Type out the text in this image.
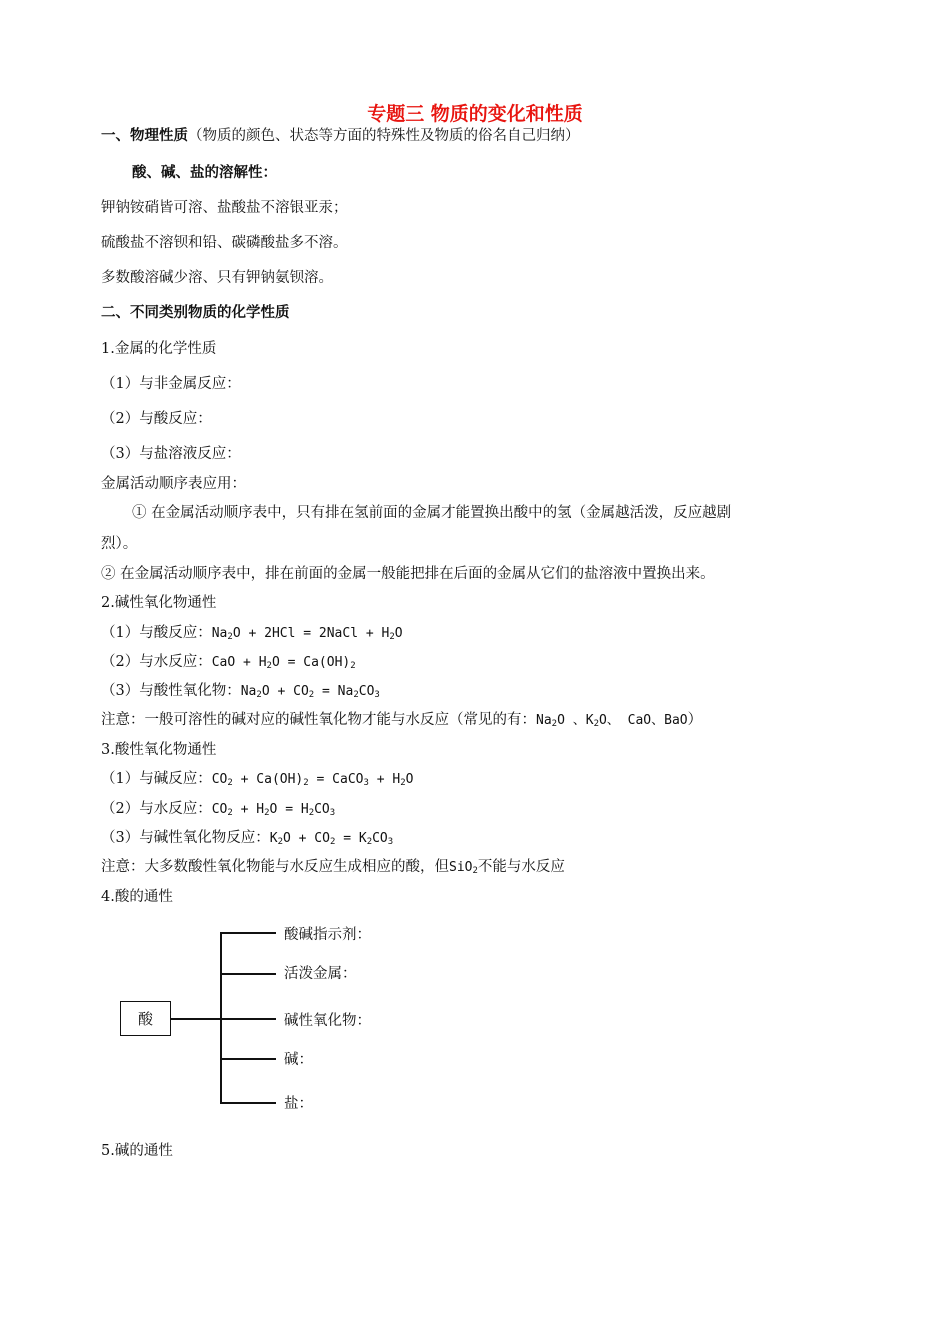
专题三 物质的变化和性质
一、物理性质（物质的颜色、状态等方面的特殊性及物质的俗名自己归纳）
酸、碱、盐的溶解性：
钾钠铵硝皆可溶、盐酸盐不溶银亚汞；
硫酸盐不溶钡和铅、碳磷酸盐多不溶。
多数酸溶碱少溶、只有钾钠氨钡溶。
二、不同类别物质的化学性质
1.金属的化学性质
（1）与非金属反应：
（2）与酸反应：
（3）与盐溶液反应：
金属活动顺序表应用：
① 在金属活动顺序表中，只有排在氢前面的金属才能置换出酸中的氢（金属越活泼，反应越剧
烈）。
② 在金属活动顺序表中，排在前面的金属一般能把排在后面的金属从它们的盐溶液中置换出来。
2.碱性氧化物通性
（1）与酸反应：$Na_2O + 2HCl$ = 2NaCl + $H_2O$
（2）与水反应：CaO + $H_2O = Ca(OH)_2$
（3）与酸性氧化物：$Na_2O + CO_2 = Na_2CO_3$
注意：一般可溶性的碱对应的碱性氧化物才能与水反应（常见的有：$Na_2O$ 、$K_2O$、 CaO、BaO）
3.酸性氧化物通性
（1）与碱反应：$CO_2 + Ca(OH)_2$ = CaCO$_3$ + $H_2O$
（2）与水反应：$CO_2 + H_2O = H_2CO_3$
（3）与碱性氧化物反应：$K_2O + CO_2 = K_2CO_3$
注意：大多数酸性氧化物能与水反应生成相应的酸，但SiO$_2$不能与水反应
4.酸的通性
酸
酸碱指示剂：
活泼金属：
碱性氧化物：
碱：
盐：
5.碱的通性
